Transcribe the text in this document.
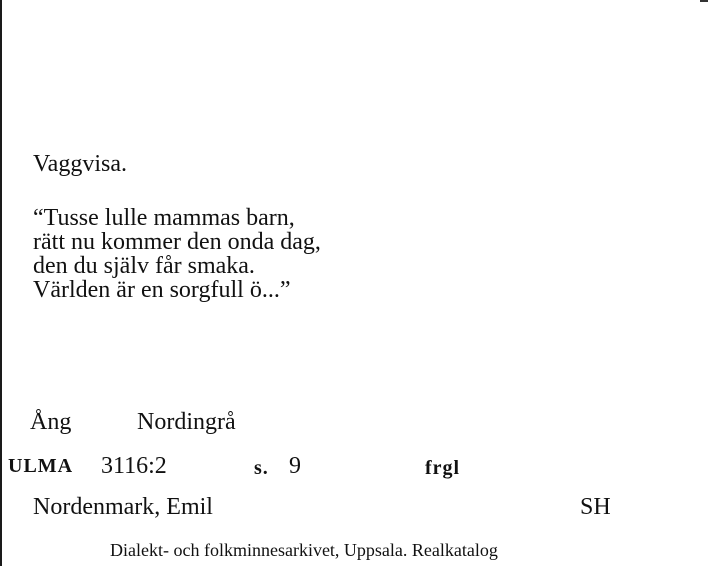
Vaggvisa.
“Tusse lulle mammas barn,
rätt nu kommer den onda dag,
den du själv får smaka.
Världen är en sorgfull ö...”
Ång	Nordingrå
ULMA 3116:2	s. 9	frgl
Nordenmark, Emil	SH
Dialekt- och folkminnesarkivet, Uppsala. Realkatalog
